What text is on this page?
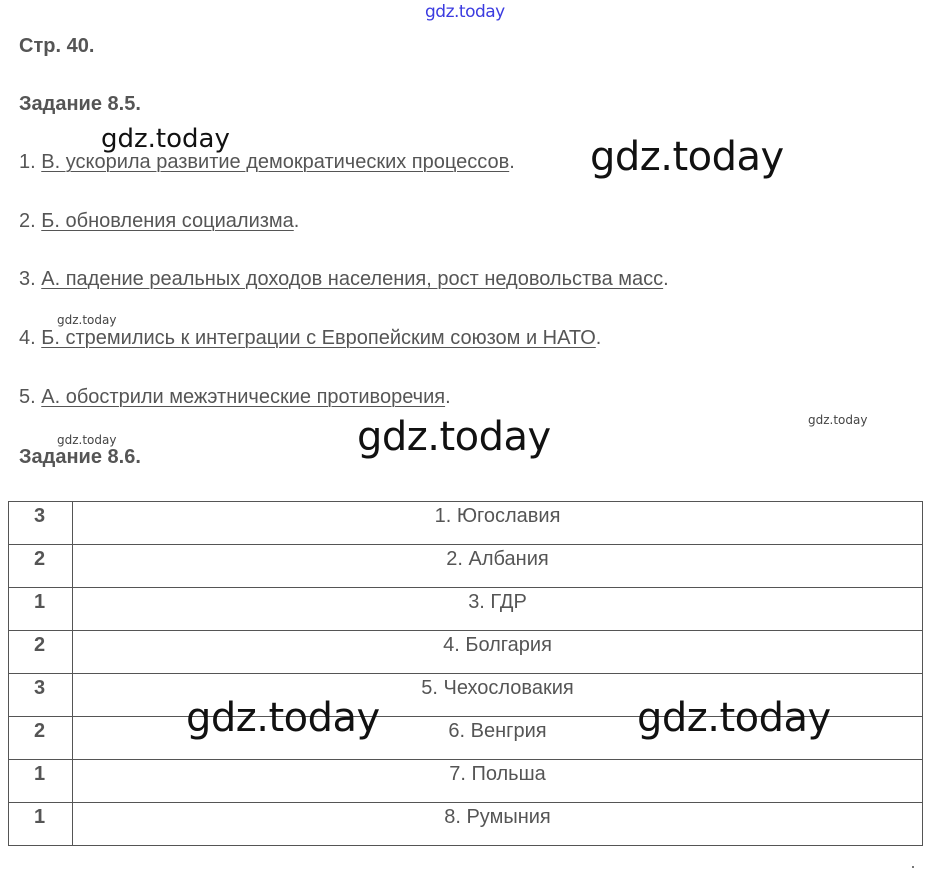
gdz.today
Стр. 40.
Задание 8.5.
1. В. ускорила развитие демократических процессов.
2. Б. обновления социализма.
3. А. падение реальных доходов населения, рост недовольства масс.
4. Б. стремились к интеграции с Европейским союзом и НАТО.
5. А. обострили межэтнические противоречия.
Задание 8.6.
3	1. Югославия
2	2. Албания
1	3. ГДР
2	4. Болгария
3	5. Чехословакия
2	6. Венгрия
1	7. Польша
1	8. Румыния
gdz.today	gdz.today
gdz.today
gdz.today
gdz.today	gdz.today
gdz.today	gdz.today
